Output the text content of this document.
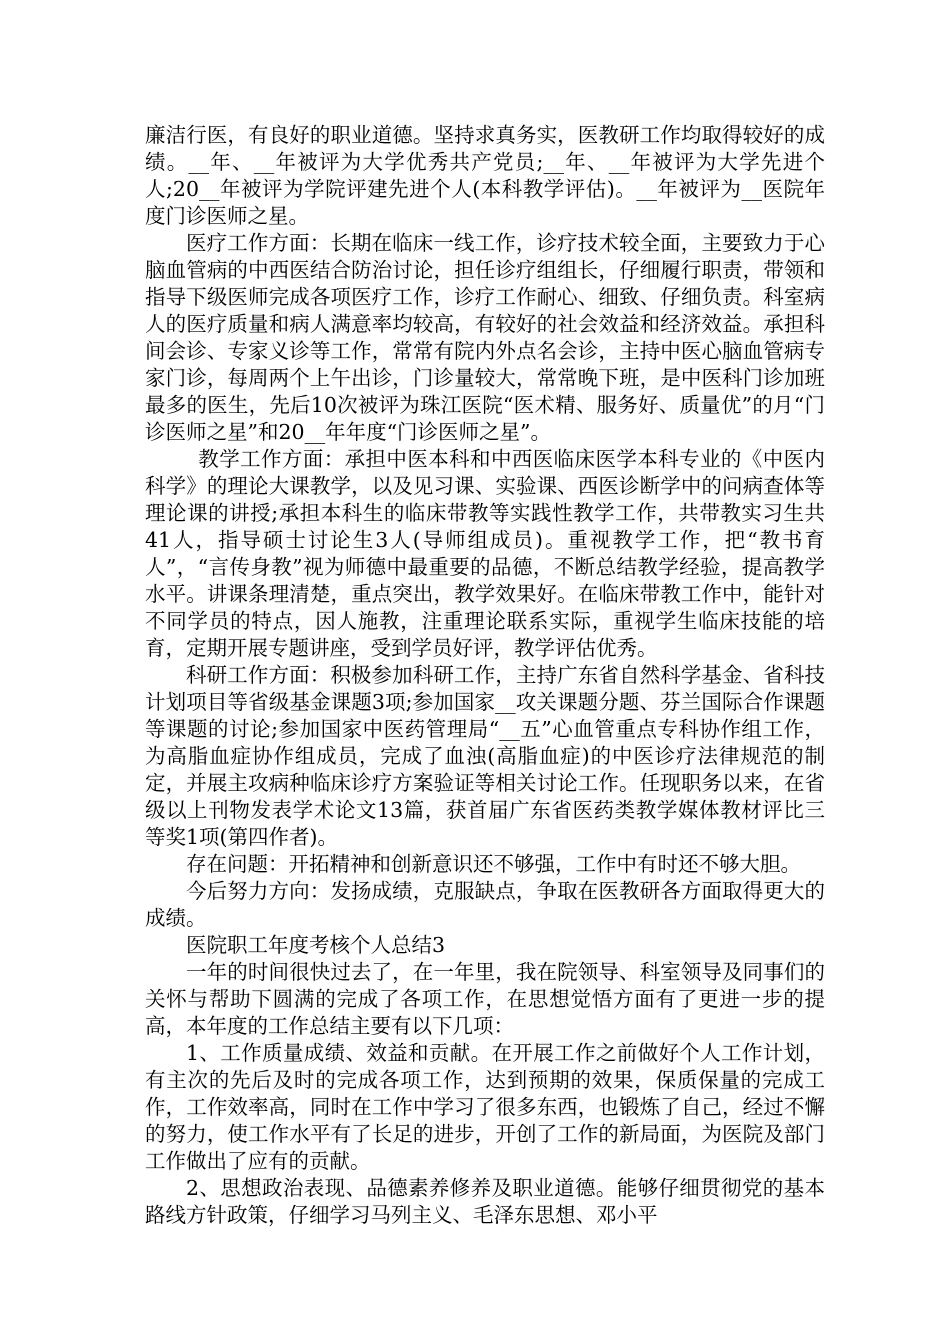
廉洁行医，有良好的职业道德。坚持求真务实，医教研工作均取得较好的成绩。__年、__年被评为大学优秀共产党员;__年、__年被评为大学先进个人;20__年被评为学院评建先进个人(本科教学评估)。__年被评为__医院年度门诊医师之星。

医疗工作方面：长期在临床一线工作，诊疗技术较全面，主要致力于心脑血管病的中西医结合防治讨论，担任诊疗组组长，仔细履行职责，带领和指导下级医师完成各项医疗工作，诊疗工作耐心、细致、仔细负责。科室病人的医疗质量和病人满意率均较高，有较好的社会效益和经济效益。承担科间会诊、专家义诊等工作，常常有院内外点名会诊，主持中医心脑血管病专家门诊，每周两个上午出诊，门诊量较大，常常晚下班，是中医科门诊加班最多的医生，先后10次被评为珠江医院“医术精、服务好、质量优”的月“门诊医师之星”和20__年年度“门诊医师之星”。

教学工作方面：承担中医本科和中西医临床医学本科专业的《中医内科学》的理论大课教学，以及见习课、实验课、西医诊断学中的问病查体等理论课的讲授;承担本科生的临床带教等实践性教学工作，共带教实习生共41人，指导硕士讨论生3人(导师组成员)。重视教学工作，把“教书育人”，“言传身教”视为师德中最重要的品德，不断总结教学经验，提高教学水平。讲课条理清楚，重点突出，教学效果好。在临床带教工作中，能针对不同学员的特点，因人施教，注重理论联系实际，重视学生临床技能的培育，定期开展专题讲座，受到学员好评，教学评估优秀。

科研工作方面：积极参加科研工作，主持广东省自然科学基金、省科技计划项目等省级基金课题3项;参加国家__攻关课题分题、芬兰国际合作课题等课题的讨论;参加国家中医药管理局“__五”心血管重点专科协作组工作，为高脂血症协作组成员，完成了血浊(高脂血症)的中医诊疗法律规范的制定，并展主攻病种临床诊疗方案验证等相关讨论工作。任现职务以来，在省级以上刊物发表学术论文13篇，获首届广东省医药类教学媒体教材评比三等奖1项(第四作者)。

存在问题：开拓精神和创新意识还不够强，工作中有时还不够大胆。

今后努力方向：发扬成绩，克服缺点，争取在医教研各方面取得更大的成绩。

医院职工年度考核个人总结3

一年的时间很快过去了，在一年里，我在院领导、科室领导及同事们的关怀与帮助下圆满的完成了各项工作，在思想觉悟方面有了更进一步的提高，本年度的工作总结主要有以下几项：

1、工作质量成绩、效益和贡献。在开展工作之前做好个人工作计划，有主次的先后及时的完成各项工作，达到预期的效果，保质保量的完成工作，工作效率高，同时在工作中学习了很多东西，也锻炼了自己，经过不懈的努力，使工作水平有了长足的进步，开创了工作的新局面，为医院及部门工作做出了应有的贡献。

2、思想政治表现、品德素养修养及职业道德。能够仔细贯彻党的基本路线方针政策，仔细学习马列主义、毛泽东思想、邓小平
